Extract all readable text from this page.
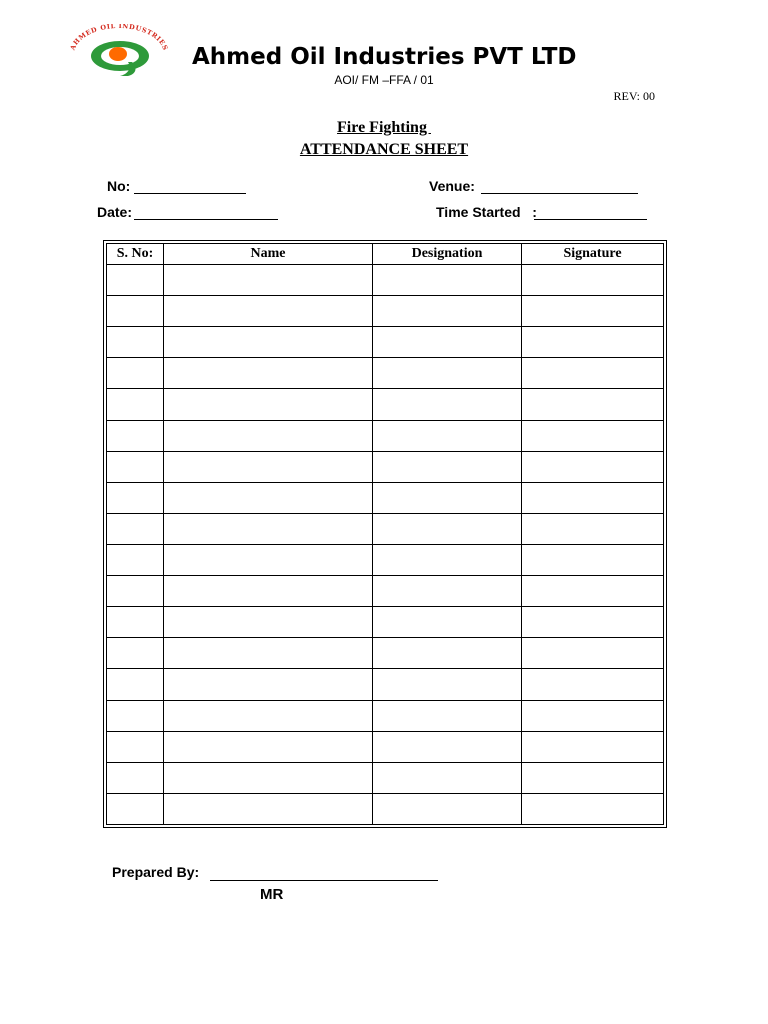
AHMED OIL INDUSTRIES Ahmed Oil Industries PVT LTD
AOI/ FM –FFA / 01
REV: 00
Fire Fighting
ATTENDANCE SHEET
No:	Venue:
Date:	Time Started   :
S. No:	Name	Designation	Signature

Prepared By:
MR
